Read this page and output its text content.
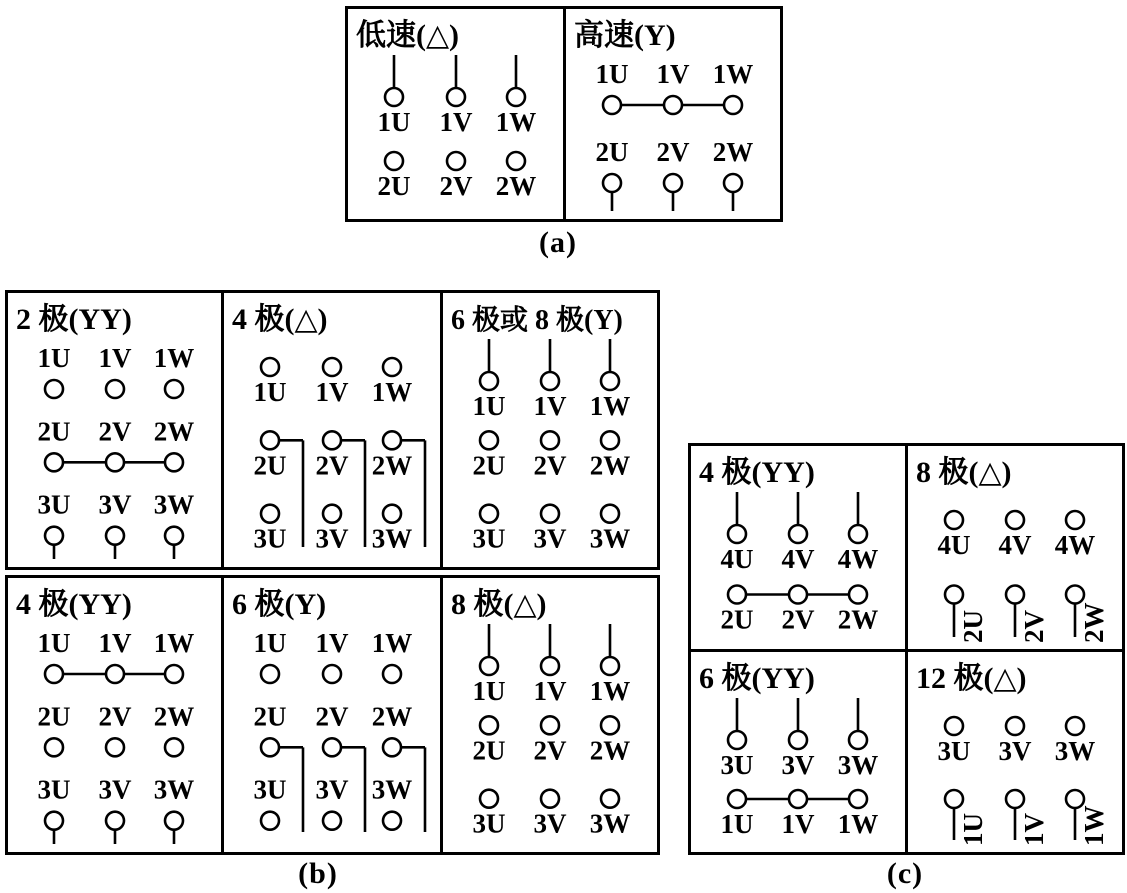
低速(△)
1U 1V 1W
2U 2V 2W
高速(Y)
1U 1V 1W
2U 2V 2W
(a)
2 极(YY)
1U 1V 1W
2U 2V 2W
3U 3V 3W
4 极(△)
1U 1V 1W
2U 2V 2W
3U 3V 3W
6 极或 8 极(Y)
1U 1V 1W
2U 2V 2W
3U 3V 3W
4 极(YY)
1U 1V 1W
2U 2V 2W
3U 3V 3W
6 极(Y)
1U 1V 1W
2U 2V 2W
3U 3V 3W
8 极(△)
1U 1V 1W
2U 2V 2W
3U 3V 3W
(b)
4 极(YY)
4U 4V 4W
2U 2V 2W
8 极(△)
4U 4V 4W
2U 2V 2W
6 极(YY)
3U 3V 3W
1U 1V 1W
12 极(△)
3U 3V 3W
1U 1V 1W
(c)
